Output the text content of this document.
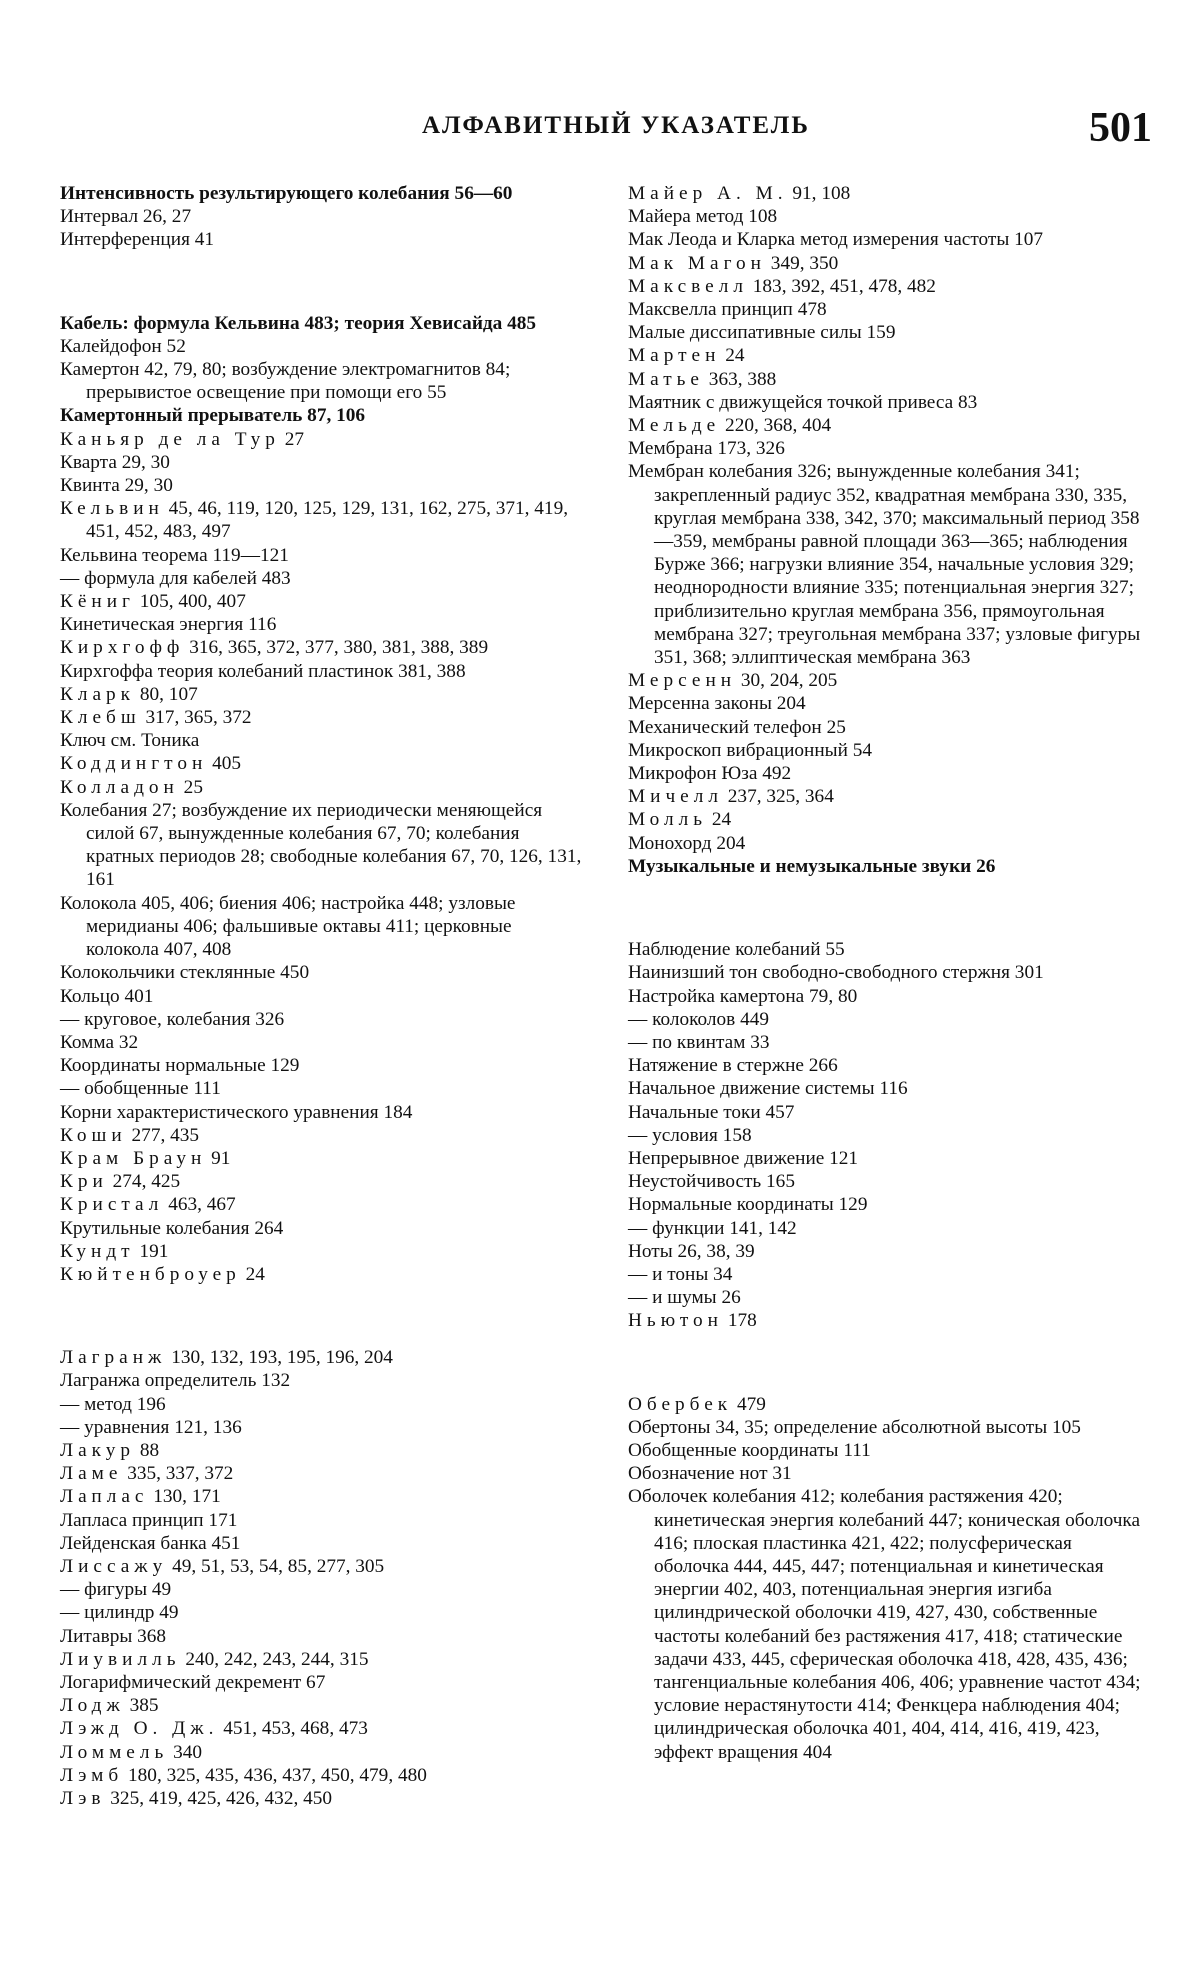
АЛФАВИТНЫЙ УКАЗАТЕЛЬ	501

Интенсивность результирующего колебания 56—60

Интервал 26, 27

Интерференция 41

Кабель: формула Кельвина 483; теория Хевисайда 485

Калейдофон 52

Камертон 42, 79, 80; возбуждение электромагнитов 84; прерывистое освещение при помощи его 55

Камертонный прерыватель 87, 106

Каньяр де ла Тур 27

Кварта 29, 30

Квинта 29, 30

Кельвин 45, 46, 119, 120, 125, 129, 131, 162, 275, 371, 419, 451, 452, 483, 497

Кельвина теорема 119—121

— формула для кабелей 483

Кёниг 105, 400, 407

Кинетическая энергия 116

Кирхгофф 316, 365, 372, 377, 380, 381, 388, 389

Кирхгоффа теория колебаний пластинок 381, 388

Кларк 80, 107

Клебш 317, 365, 372

Ключ см. Тоника

Коддингтон 405

Колладон 25

Колебания 27; возбуждение их периодически меняющейся силой 67, вынужденные колебания 67, 70; колебания кратных периодов 28; свободные колебания 67, 70, 126, 131, 161

Колокола 405, 406; биения 406; настройка 448; узловые меридианы 406; фальшивые октавы 411; церковные колокола 407, 408

Колокольчики стеклянные 450

Кольцо 401

— круговое, колебания 326

Комма 32

Координаты нормальные 129

— обобщенные 111

Корни характеристического уравнения 184

Коши 277, 435

Крам Браун 91

Кри 274, 425

Кристал 463, 467

Крутильные колебания 264

Кундт 191

Кюйтенброуер 24

Лагранж 130, 132, 193, 195, 196, 204

Лагранжа определитель 132

— метод 196

— уравнения 121, 136

Лакур 88

Ламе 335, 337, 372

Лаплас 130, 171

Лапласа принцип 171

Лейденская банка 451

Лиссажу 49, 51, 53, 54, 85, 277, 305

— фигуры 49

— цилиндр 49

Литавры 368

Лиувилль 240, 242, 243, 244, 315

Логарифмический декремент 67

Лодж 385

Лэжд О. Дж. 451, 453, 468, 473

Ломмель 340

Лэмб 180, 325, 435, 436, 437, 450, 479, 480

Лэв 325, 419, 425, 426, 432, 450

Майер А. М. 91, 108

Майера метод 108

Мак Леода и Кларка метод измерения частоты 107

Мак Магон 349, 350

Максвелл 183, 392, 451, 478, 482

Максвелла принцип 478

Малые диссипативные силы 159

Мартен 24

Матье 363, 388

Маятник с движущейся точкой привеса 83

Мельде 220, 368, 404

Мембрана 173, 326

Мембран колебания 326; вынужденные колебания 341; закрепленный радиус 352, квадратная мембрана 330, 335, круглая мембрана 338, 342, 370; максимальный период 358—359, мембраны равной площади 363—365; наблюдения Бурже 366; нагрузки влияние 354, начальные условия 329; неоднородности влияние 335; потенциальная энергия 327; приблизительно круглая мембрана 356, прямоугольная мембрана 327; треугольная мембрана 337; узловые фигуры 351, 368; эллиптическая мембрана 363

Мерсенн 30, 204, 205

Мерсенна законы 204

Механический телефон 25

Микроскоп вибрационный 54

Микрофон Юза 492

Мичелл 237, 325, 364

Молль 24

Монохорд 204

Музыкальные и немузыкальные звуки 26

Наблюдение колебаний 55

Наинизший тон свободно-свободного стержня 301

Настройка камертона 79, 80

— колоколов 449

— по квинтам 33

Натяжение в стержне 266

Начальное движение системы 116

Начальные токи 457

— условия 158

Непрерывное движение 121

Неустойчивость 165

Нормальные координаты 129

— функции 141, 142

Ноты 26, 38, 39

— и тоны 34

— и шумы 26

Ньютон 178

Обербек 479

Обертоны 34, 35; определение абсолютной высоты 105

Обобщенные координаты 111

Обозначение нот 31

Оболочек колебания 412; колебания растяжения 420; кинетическая энергия колебаний 447; коническая оболочка 416; плоская пластинка 421, 422; полусферическая оболочка 444, 445, 447; потенциальная и кинетическая энергии 402, 403, потенциальная энергия изгиба цилиндрической оболочки 419, 427, 430, собственные частоты колебаний без растяжения 417, 418; статические задачи 433, 445, сферическая оболочка 418, 428, 435, 436; тангенциальные колебания 406, 406; уравнение частот 434; условие нерастянутости 414; Фенкцера наблюдения 404; цилиндрическая оболочка 401, 404, 414, 416, 419, 423, эффект вращения 404
